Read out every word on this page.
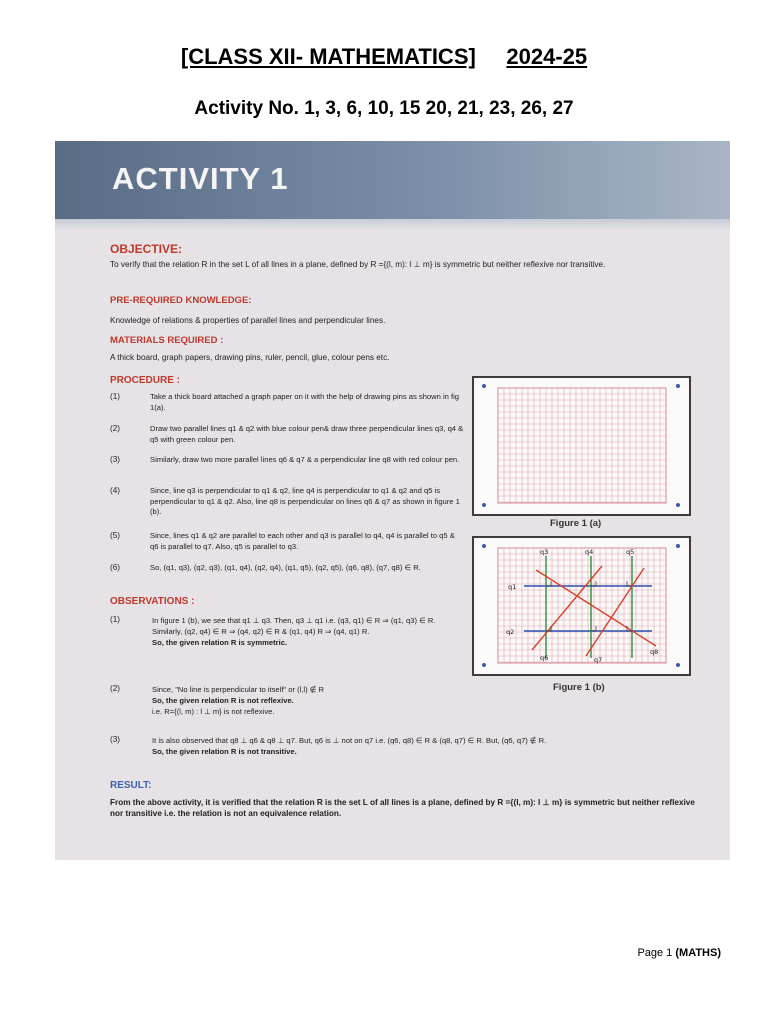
[CLASS XII- MATHEMATICS] 2024-25
Activity No. 1, 3, 6, 10, 15 20, 21, 23, 26, 27
ACTIVITY 1
OBJECTIVE:
To verify that the relation R in the set L of all lines in a plane, defined by R ={(l, m): l ⊥ m} is symmetric but neither reflexive nor transitive.
PRE-REQUIRED KNOWLEDGE:
Knowledge of relations & properties of parallel lines and perpendicular lines.
MATERIALS REQUIRED :
A thick board, graph papers, drawing pins, ruler, pencil, glue, colour pens etc.
PROCEDURE :
(1)	Take a thick board attached a graph paper on it with the help of drawing pins as shown in fig 1(a).
(2)	Draw two parallel lines q1 & q2 with blue colour pen& draw three perpendicular lines q3, q4 & q5 with green colour pen.
(3)	Similarly, draw two more parallel lines q6 & q7 & a perpendicular line q8 with red colour pen.
(4)	Since, line q3 is perpendicular to q1 & q2, line q4 is perpendicular to q1 & q2 and q5 is perpendicular to q1 & q2. Also, line q8 is perpendicular on lines q6 & q7 as shown in figure 1 (b).
(5)	Since, lines q1 & q2 are parallel to each other and q3 is parallel to q4, q4 is parallel to q5 & q6 is parallel to q7. Also, q5 is parallel to q3.
(6)	So, (q1, q3), (q2, q3), (q1, q4), (q2, q4), (q1, q5), (q2, q5), (q6, q8), (q7, q8) ∈ R.
OBSERVATIONS :
(1)	In figure 1 (b), we see that q1 ⊥ q3. Then, q3 ⊥ q1 i.e. (q3, q1) ∈ R ⇒ (q1, q3) ∈ R. Similarly, (q2, q4) ∈ R ⇒ (q4, q2) ∈ R & (q1, q4) R ⇒ (q4, q1) R.
So, the given relation R is symmetric.
(2)	Since, "No line is perpendicular to itself" or (l,l) ∉ R
So, the given relation R is not reflexive.
i.e. R={(l, m) : l ⊥ m} is not reflexive.
(3)	It is also observed that q8 ⊥ q6 & q8 ⊥ q7. But, q6 is ⊥ not on q7 i.e. (q6, q8) ∈ R & (q8, q7) ∈ R. But, (q6, q7) ∉ R.
So, the given relation R is not transitive.
RESULT:
From the above activity, it is verified that the relation R is the set L of all lines is a plane, defined by R ={(l, m): l ⊥ m} is symmetric but neither reflexive nor transitive i.e. the relation is not an equivalence relation.
Figure 1 (a)
q1
q2
q3	q4	q5
q6	q7
q8
Figure 1 (b)
Page 1 (MATHS)
